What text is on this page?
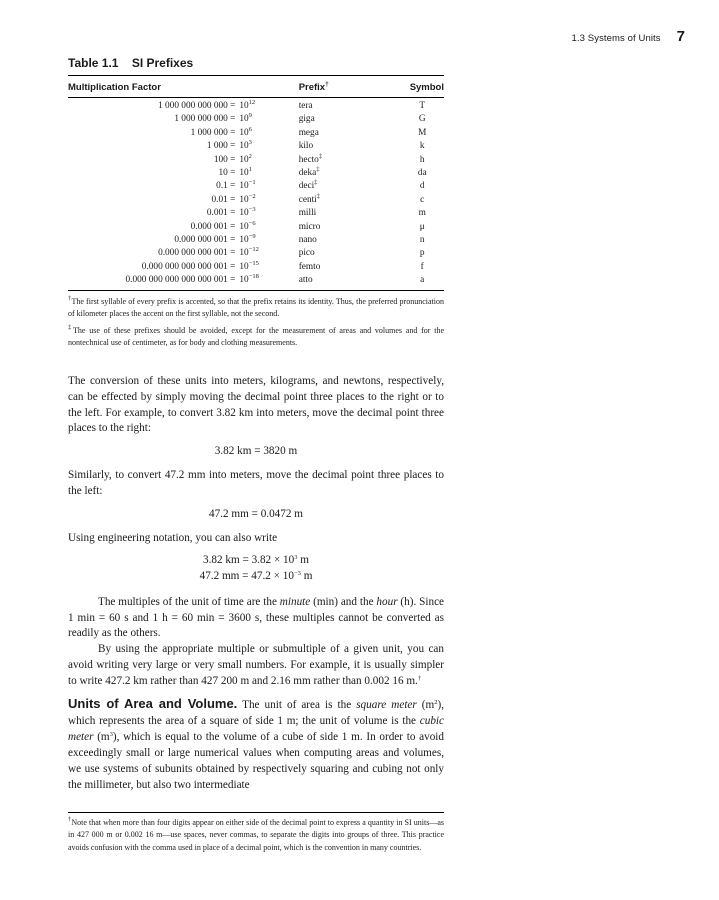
1.3 Systems of Units 7
Table 1.1 SI Prefixes
Multiplication Factor		Prefix†	Symbol
1 000 000 000 000 =	$10^{12}$	tera	T
1 000 000 000 =	$10^9$	giga	G
1 000 000 =	$10^6$	mega	M
1 000 =	$10^3$	kilo	k
100 =	$10^2$	hecto‡	h
10 =	$10^1$	deka‡	da
0.1 =	$10^{-1}$	deci‡	d
0.01 =	$10^{-2}$	centi‡	c
0.001 =	$10^{-3}$	milli	m
0.000 001 =	$10^{-6}$	micro	μ
0.000 000 001 =	$10^{-9}$	nano	n
0.000 000 000 001 =	$10^{-12}$	pico	p
0.000 000 000 000 001 =	$10^{-15}$	femto	f
0.000 000 000 000 000 001 =	$10^{-18}$	atto	a

†The first syllable of every prefix is accented, so that the prefix retains its identity. Thus, the preferred pronunciation of kilometer places the accent on the first syllable, not the second.

‡The use of these prefixes should be avoided, except for the measurement of areas and volumes and for the nontechnical use of centimeter, as for body and clothing measurements.

The conversion of these units into meters, kilograms, and newtons, respectively, can be effected by simply moving the decimal point three places to the right or to the left. For example, to convert 3.82 km into meters, move the decimal point three places to the right:
3.82 km = 3820 m
Similarly, to convert 47.2 mm into meters, move the decimal point three places to the left:
47.2 mm = 0.0472 m
Using engineering notation, you can also write
3.82 km = $3.82 \times 10^3$ m
47.2 mm = $47.2 \times 10^{-3}$ m
The multiples of the unit of time are the minute (min) and the hour (h). Since 1 min = 60 s and 1 h = 60 min = 3600 s, these multiples cannot be converted as readily as the others.
By using the appropriate multiple or submultiple of a given unit, you can avoid writing very large or very small numbers. For example, it is usually simpler to write 427.2 km rather than 427 200 m and 2.16 mm rather than 0.002 16 m.†
Units of Area and Volume. The unit of area is the square meter $(m^2)$, which represents the area of a square of side 1 m; the unit of volume is the cubic meter $(m^3)$, which is equal to the volume of a cube of side 1 m. In order to avoid exceedingly small or large numerical values when computing areas and volumes, we use systems of subunits obtained by respectively squaring and cubing not only the millimeter, but also two intermediate
†Note that when more than four digits appear on either side of the decimal point to express a quantity in SI units—as in 427 000 m or 0.002 16 m—use spaces, never commas, to separate the digits into groups of three. This practice avoids confusion with the comma used in place of a decimal point, which is the convention in many countries.
